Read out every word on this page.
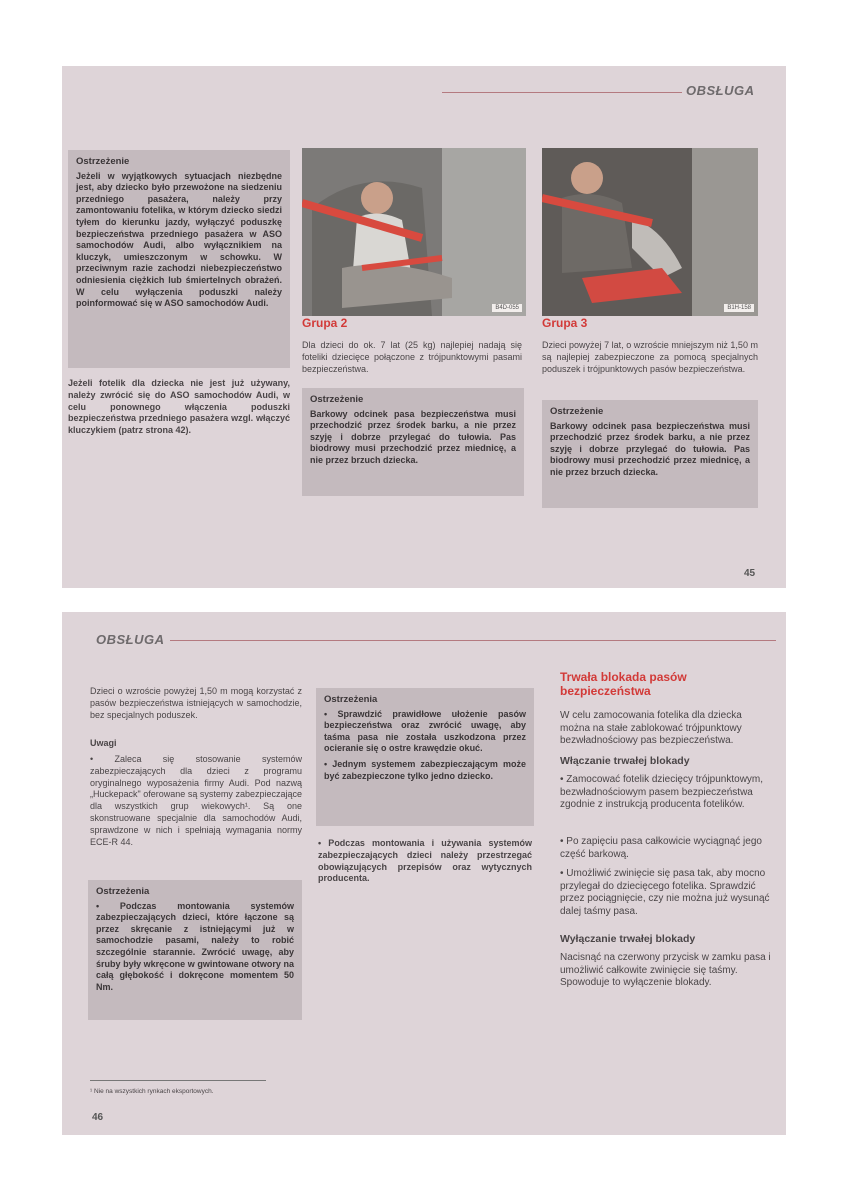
OBSŁUGA
Ostrzeżenie
Jeżeli w wyjątkowych sytuacjach niezbędne jest, aby dziecko było przewożone na siedzeniu przedniego pasażera, należy przy zamontowaniu fotelika, w którym dziecko siedzi tyłem do kierunku jazdy, wyłączyć poduszkę bezpieczeństwa przedniego pasażera w ASO samochodów Audi, albo wyłącznikiem na kluczyk, umieszczonym w schowku. W przeciwnym razie zachodzi niebezpieczeństwo odniesienia ciężkich lub śmiertelnych obrażeń. W celu wyłączenia poduszki należy poinformować się w ASO samochodów Audi.
Jeżeli fotelik dla dziecka nie jest już używany, należy zwrócić się do ASO samochodów Audi, w celu ponownego włączenia poduszki bezpieczeństwa przedniego pasażera wzgl. włączyć kluczykiem (patrz strona 42).
B4D-055	B1H-158
Grupa 2
Dla dzieci do ok. 7 lat (25 kg) najlepiej nadają się foteliki dziecięce połączone z trójpunktowymi pasami bezpieczeństwa.
Ostrzeżenie
Barkowy odcinek pasa bezpieczeństwa musi przechodzić przez środek barku, a nie przez szyję i dobrze przylegać do tułowia. Pas biodrowy musi przechodzić przez miednicę, a nie przez brzuch dziecka.
Grupa 3
Dzieci powyżej 7 lat, o wzroście mniejszym niż 1,50 m są najlepiej zabezpieczone za pomocą specjalnych poduszek i trójpunktowych pasów bezpieczeństwa.
Ostrzeżenie
Barkowy odcinek pasa bezpieczeństwa musi przechodzić przez środek barku, a nie przez szyję i dobrze przylegać do tułowia. Pas biodrowy musi przechodzić przez miednicę, a nie przez brzuch dziecka.
45
OBSŁUGA
Dzieci o wzroście powyżej 1,50 m mogą korzystać z pasów bezpieczeństwa istniejących w samochodzie, bez specjalnych poduszek.
Uwagi
• Zaleca się stosowanie systemów zabezpieczających dla dzieci z programu oryginalnego wyposażenia firmy Audi. Pod nazwą „Huckepack" oferowane są systemy zabezpieczające dla wszystkich grup wiekowych¹. Są one skonstruowane specjalnie dla samochodów Audi, sprawdzone w nich i spełniają wymagania normy ECE-R 44.
Ostrzeżenia
• Podczas montowania systemów zabezpieczających dzieci, które łączone są przez skręcanie z istniejącymi już w samochodzie pasami, należy to robić szczególnie starannie. Zwrócić uwagę, aby śruby były wkręcone w gwintowane otwory na całą głębokość i dokręcone momentem 50 Nm.
Ostrzeżenia
• Sprawdzić prawidłowe ułożenie pasów bezpieczeństwa oraz zwrócić uwagę, aby taśma pasa nie została uszkodzona przez ocieranie się o ostre krawędzie okuć.
• Jednym systemem zabezpieczającym może być zabezpieczone tylko jedno dziecko.
• Podczas montowania i używania systemów zabezpieczających dzieci należy przestrzegać obowiązujących przepisów oraz wytycznych producenta.
Trwała blokada pasów bezpieczeństwa
W celu zamocowania fotelika dla dziecka można na stałe zablokować trójpunktowy bezwładnościowy pas bezpieczeństwa.
Włączanie trwałej blokady
• Zamocować fotelik dziecięcy trójpunktowym, bezwładnościowym pasem bezpieczeństwa zgodnie z instrukcją producenta fotelików.
• Po zapięciu pasa całkowicie wyciągnąć jego część barkową.
• Umożliwić zwinięcie się pasa tak, aby mocno przylegał do dziecięcego fotelika. Sprawdzić przez pociągnięcie, czy nie można już wysunąć dalej taśmy pasa.
Wyłączanie trwałej blokady
Nacisnąć na czerwony przycisk w zamku pasa i umożliwić całkowite zwinięcie się taśmy. Spowoduje to wyłączenie blokady.
¹ Nie na wszystkich rynkach eksportowych.
46
